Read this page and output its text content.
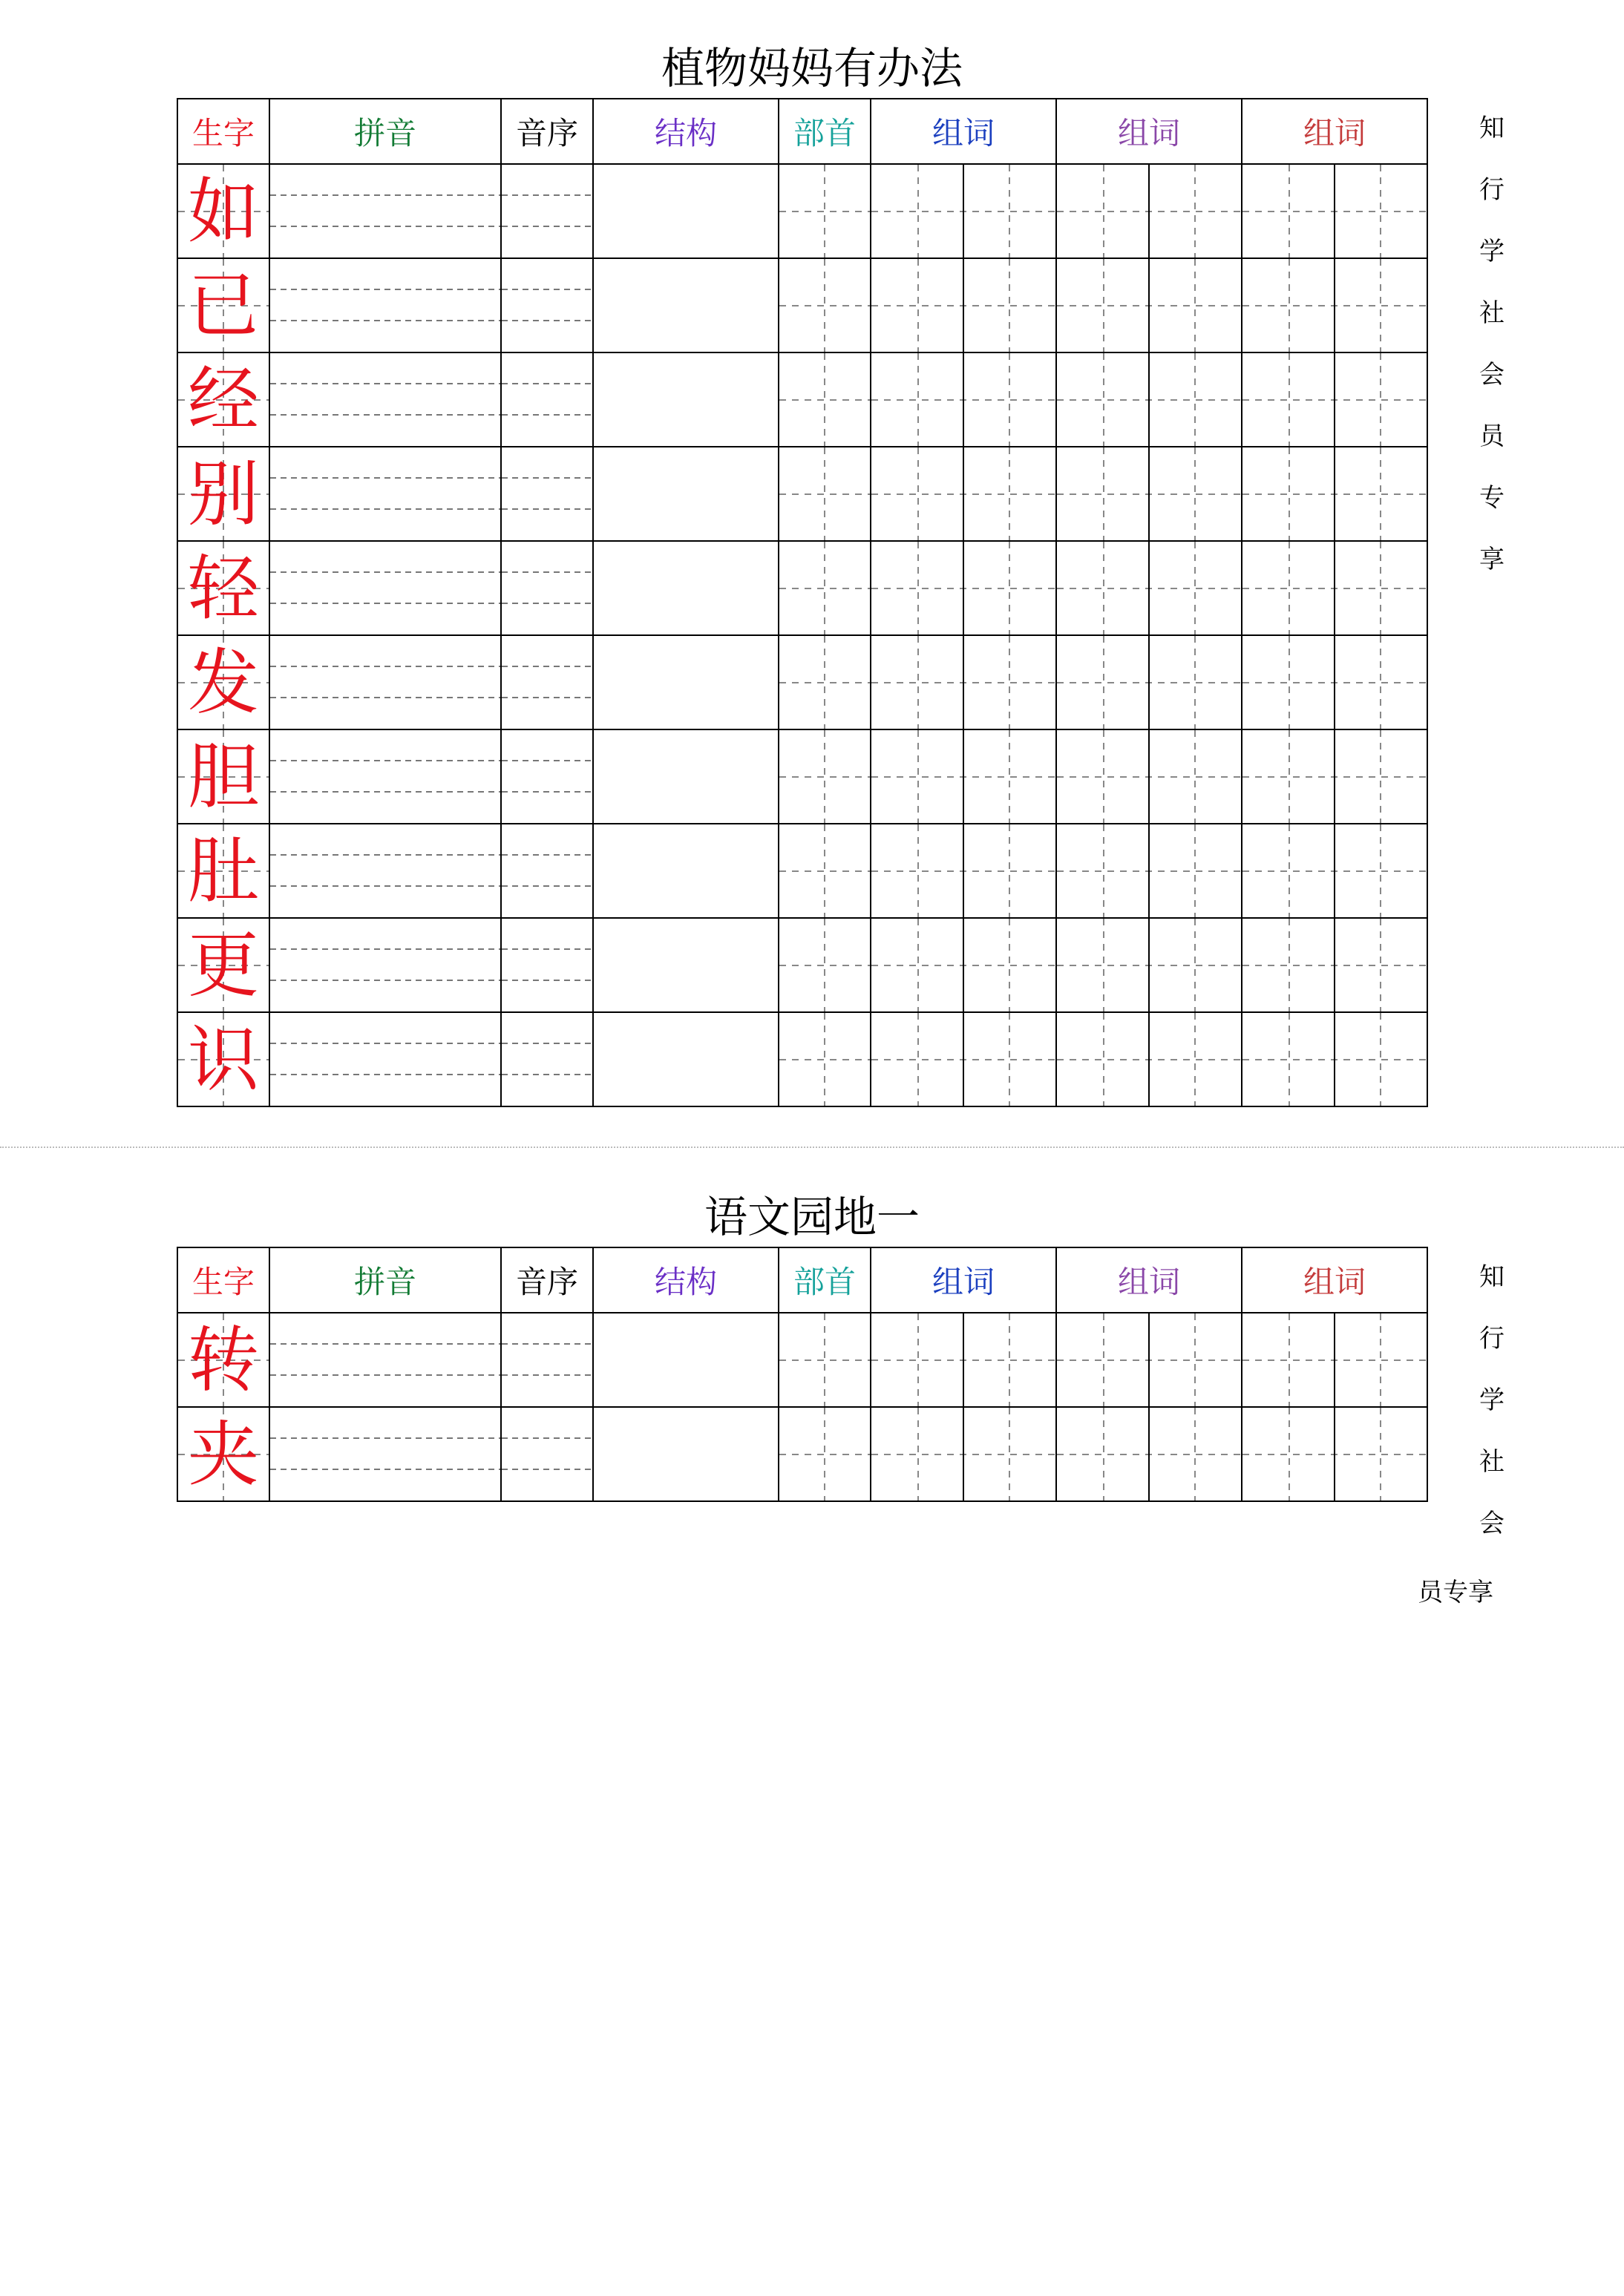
植物妈妈有办法
生字	拼音	音序	结构	部首	组词	组词	组词
如							
已							
经							
别							
轻							
发							
胆							
肚							
更							
识							
知
行
学
社
会
员
专
享
语文园地一
生字	拼音	音序	结构	部首	组词	组词	组词
转							
夹							
知
行
学
社
会
员专享
